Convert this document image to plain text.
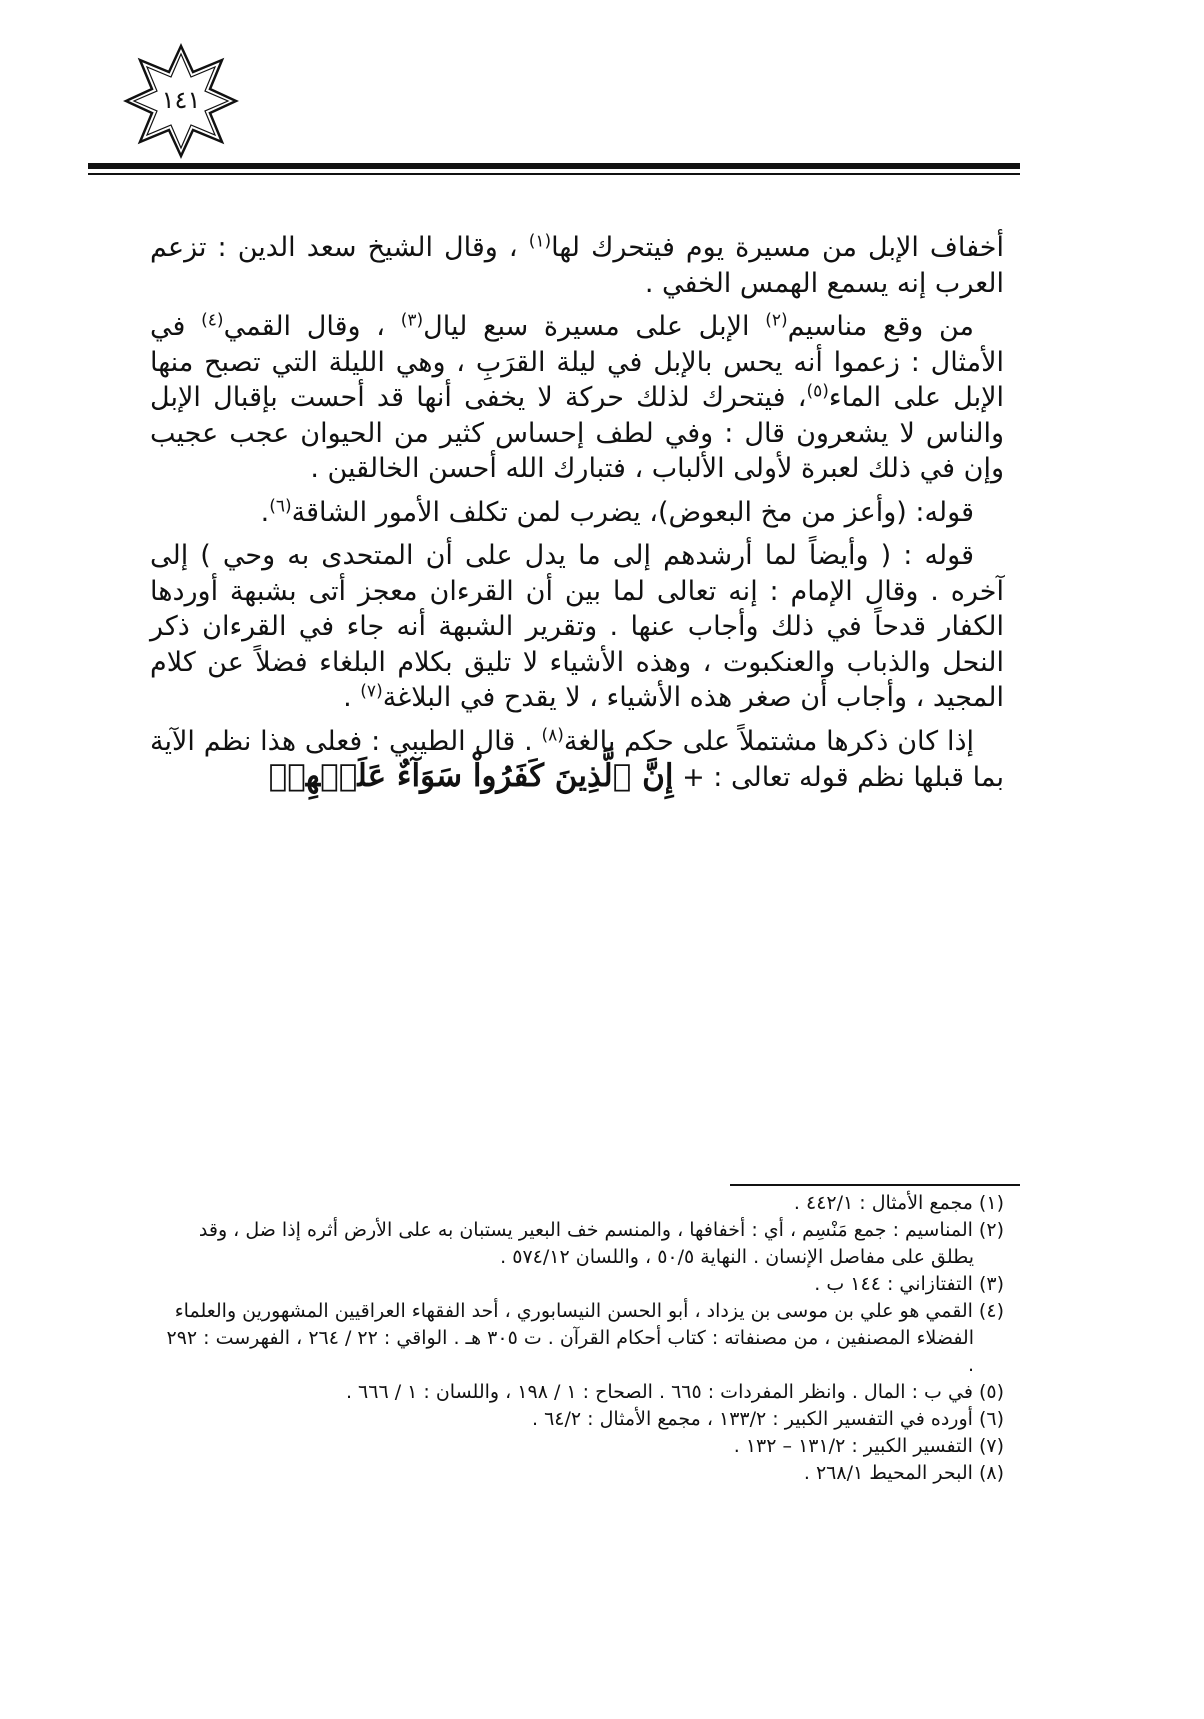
١٤١

أخفاف الإبل من مسيرة يوم فيتحرك لها$^{(١)}$ ، وقال الشيخ سعد الدين : تزعم العرب إنه يسمع الهمس الخفي .

من وقع مناسيم$^{(٢)}$ الإبل على مسيرة سبع ليال$^{(٣)}$ ، وقال القمي$^{(٤)}$ في الأمثال : زعموا أنه يحس بالإبل في ليلة القرَبِ ، وهي الليلة التي تصبح منها الإبل على الماء$^{(٥)}$، فيتحرك لذلك حركة لا يخفى أنها قد أحست بإقبال الإبل والناس لا يشعرون قال : وفي لطف إحساس كثير من الحيوان عجب عجيب وإن في ذلك لعبرة لأولى الألباب ، فتبارك الله أحسن الخالقين .

قوله: (وأعز من مخ البعوض)، يضرب لمن تكلف الأمور الشاقة$^{(٦)}$.

قوله : ( وأيضاً لما أرشدهم إلى ما يدل على أن المتحدى به وحي ) إلى آخره . وقال الإمام : إنه تعالى لما بين أن القرءان معجز أتى بشبهة أوردها الكفار قدحاً في ذلك وأجاب عنها . وتقرير الشبهة أنه جاء في القرءان ذكر النحل والذباب والعنكبوت ، وهذه الأشياء لا تليق بكلام البلغاء فضلاً عن كلام المجيد ، وأجاب أن صغر هذه الأشياء ، لا يقدح في البلاغة$^{(٧)}$ .

إذا كان ذكرها مشتملاً على حكم بالغة$^{(٨)}$ . قال الطيبي : فعلى هذا نظم الآية بما قبلها نظم قوله تعالى : + إِنَّ ٱلَّذِينَ كَفَرُواْ سَوَآءٌ عَلَيۡهِمۡ

(١) مجمع الأمثال : ٤٤٢/١ .

(٢) المناسيم : جمع مَنْسِم ، أي : أخفافها ، والمنسم خف البعير يستبان به على الأرض أثره إذا ضل ، وقد يطلق على مفاصل الإنسان . النهاية ٥٠/٥ ، واللسان ٥٧٤/١٢ .

(٣) التفتازاني : ١٤٤ ب .

(٤) القمي هو علي بن موسى بن يزداد ، أبو الحسن النيسابوري ، أحد الفقهاء العراقيين المشهورين والعلماء الفضلاء المصنفين ، من مصنفاته : كتاب أحكام القرآن . ت ٣٠٥ هـ . الواقي : ٢٢ / ٢٦٤ ، الفهرست : ٢٩٢ .

(٥) في ب : المال . وانظر المفردات : ٦٦٥ . الصحاح : ١ / ١٩٨ ، واللسان : ١ / ٦٦٦ .

(٦) أورده في التفسير الكبير : ١٣٣/٢ ، مجمع الأمثال : ٦٤/٢ .

(٧) التفسير الكبير : ١٣١/٢ – ١٣٢ .

(٨) البحر المحيط ٢٦٨/١ .
